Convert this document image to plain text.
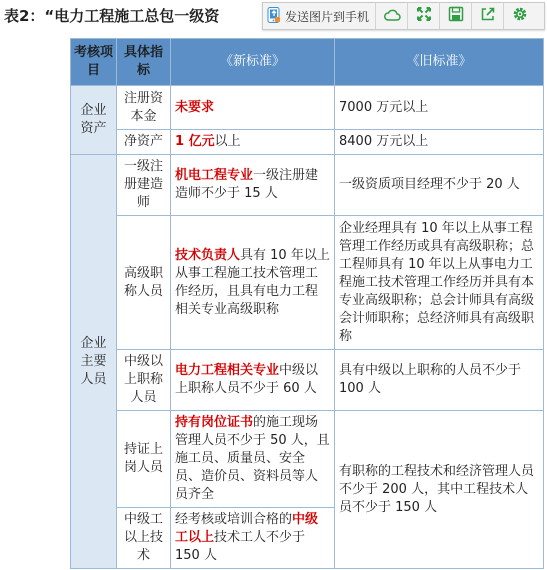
表2：“电力工程施工总包一级资	发送图片到手机
考核项目	具体指标	《新标准》	《旧标准》
企业资产	注册资本金	未要求	7000 万元以上
	净资产	1 亿元以上	8400 万元以上
企业主要人员	一级注册建造师	机电工程专业一级注册建造师不少于 15 人	一级资质项目经理不少于 20 人
	高级职称人员	技术负责人具有 10 年以上从事工程施工技术管理工作经历，且具有电力工程相关专业高级职称	企业经理具有 10 年以上从事工程管理工作经历或具有高级职称；总工程师具有 10 年以上从事电力工程施工技术管理工作经历并具有本专业高级职称；总会计师具有高级会计师职称；总经济师具有高级职称
	中级以上职称人员	电力工程相关专业中级以上职称人员不少于 60 人	具有中级以上职称的人员不少于 100 人
	持证上岗人员	持有岗位证书的施工现场管理人员不少于 50 人，且施工员、质量员、安全员、造价员、资料员等人员齐全	有职称的工程技术和经济管理人员不少于 200 人，其中工程技术人员不少于 150 人
	中级工以上技术	经考核或培训合格的中级工以上技术工人不少于 150 人	
